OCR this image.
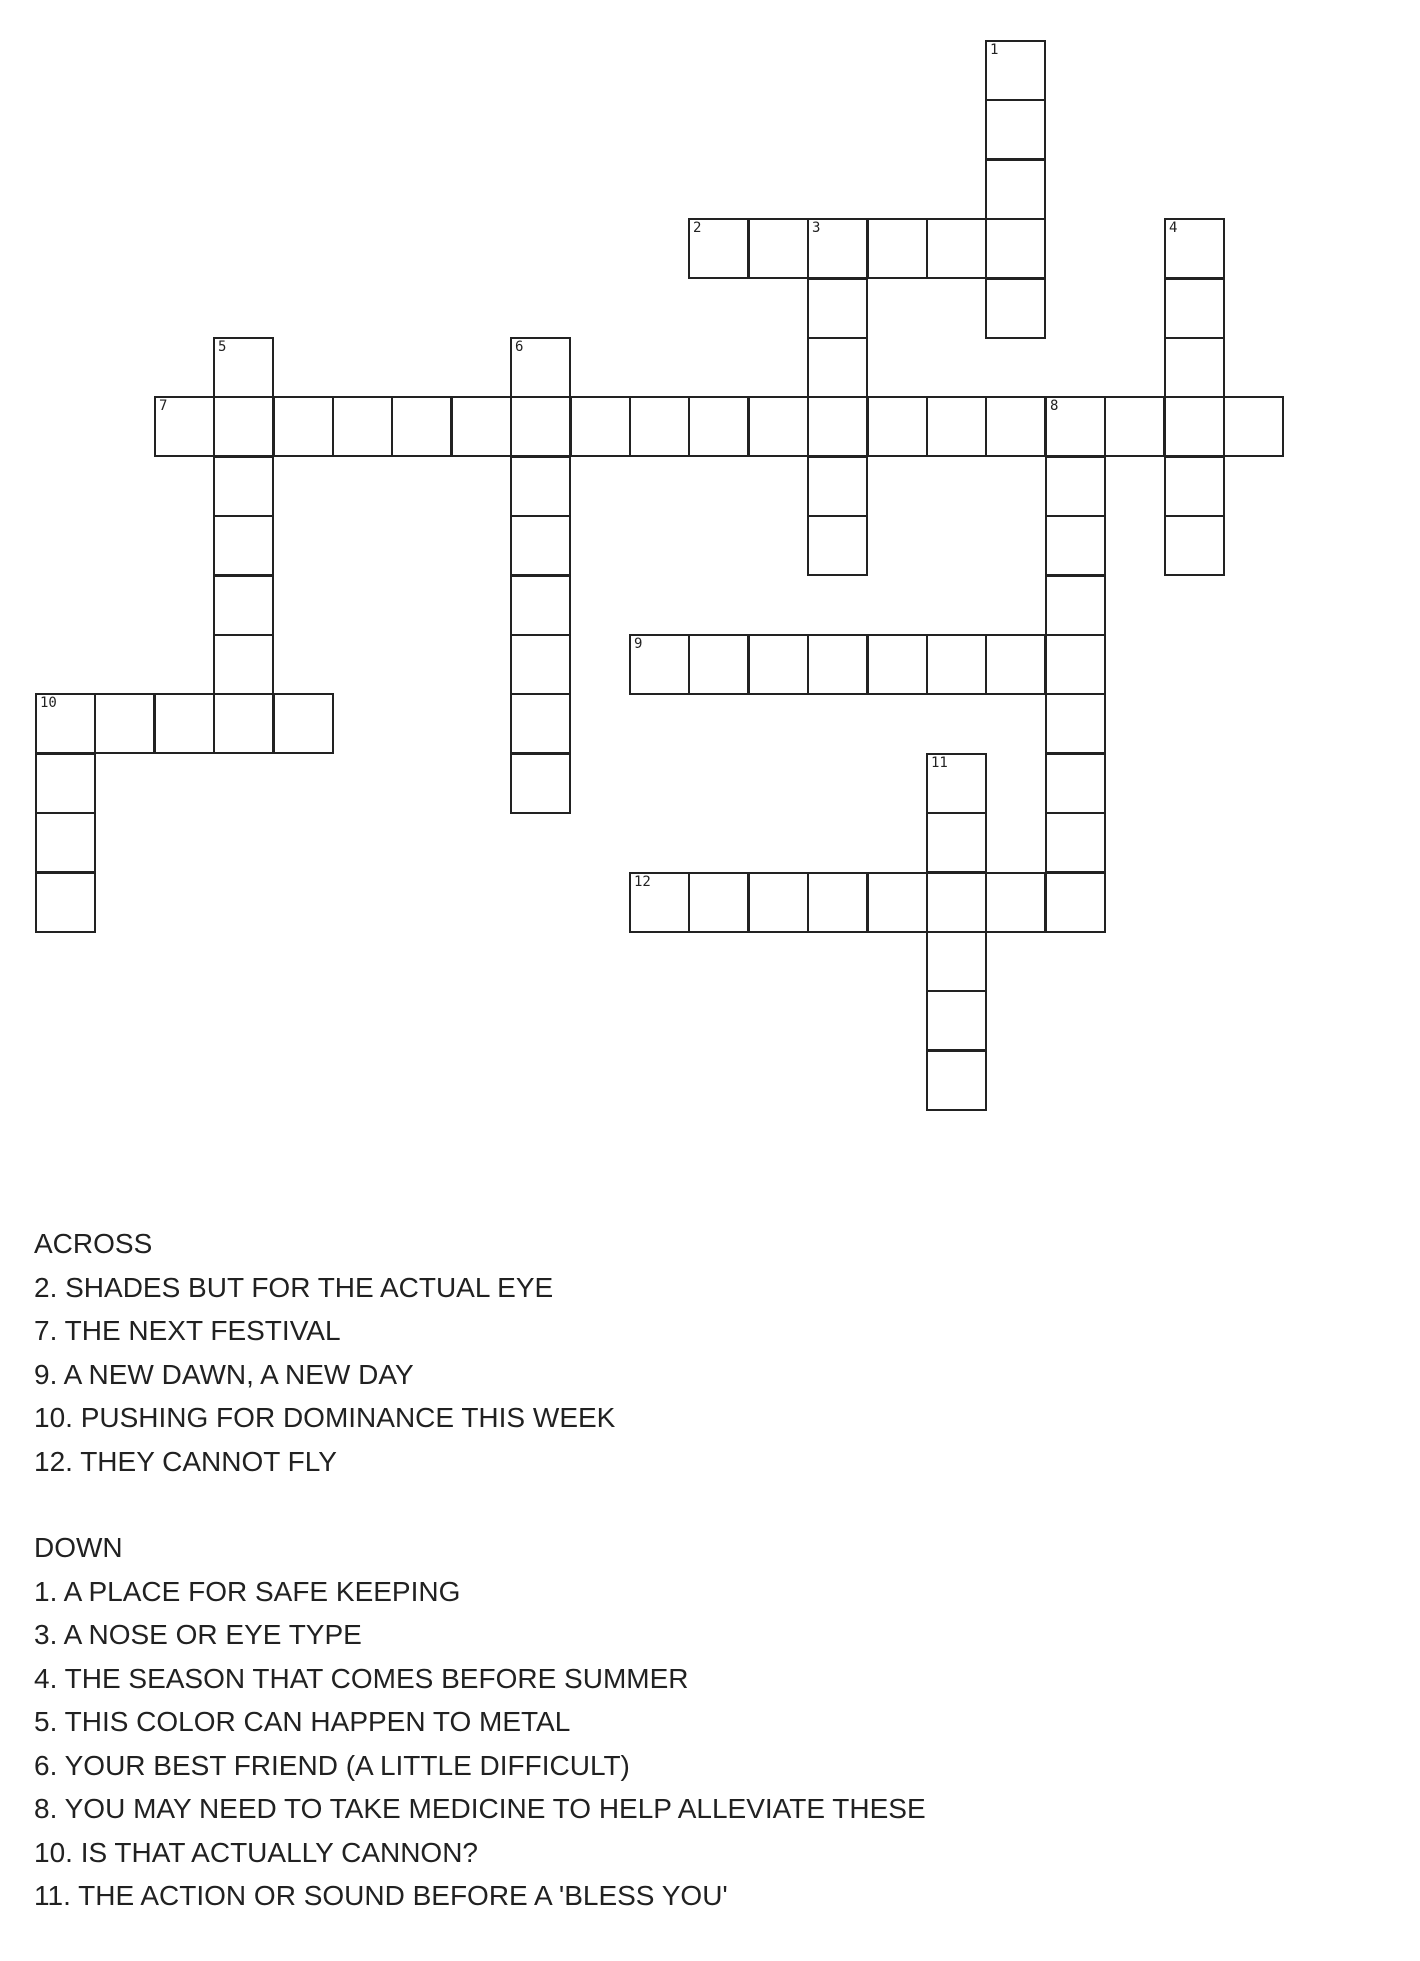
2	3
7	8
9
10
12
1
4
5	6
11
ACROSS
2. SHADES BUT FOR THE ACTUAL EYE
7. THE NEXT FESTIVAL
9. A NEW DAWN, A NEW DAY
10. PUSHING FOR DOMINANCE THIS WEEK
12. THEY CANNOT FLY
DOWN
1. A PLACE FOR SAFE KEEPING
3. A NOSE OR EYE TYPE
4. THE SEASON THAT COMES BEFORE SUMMER
5. THIS COLOR CAN HAPPEN TO METAL
6. YOUR BEST FRIEND (A LITTLE DIFFICULT)
8. YOU MAY NEED TO TAKE MEDICINE TO HELP ALLEVIATE THESE
10. IS THAT ACTUALLY CANNON?
11. THE ACTION OR SOUND BEFORE A 'BLESS YOU'
